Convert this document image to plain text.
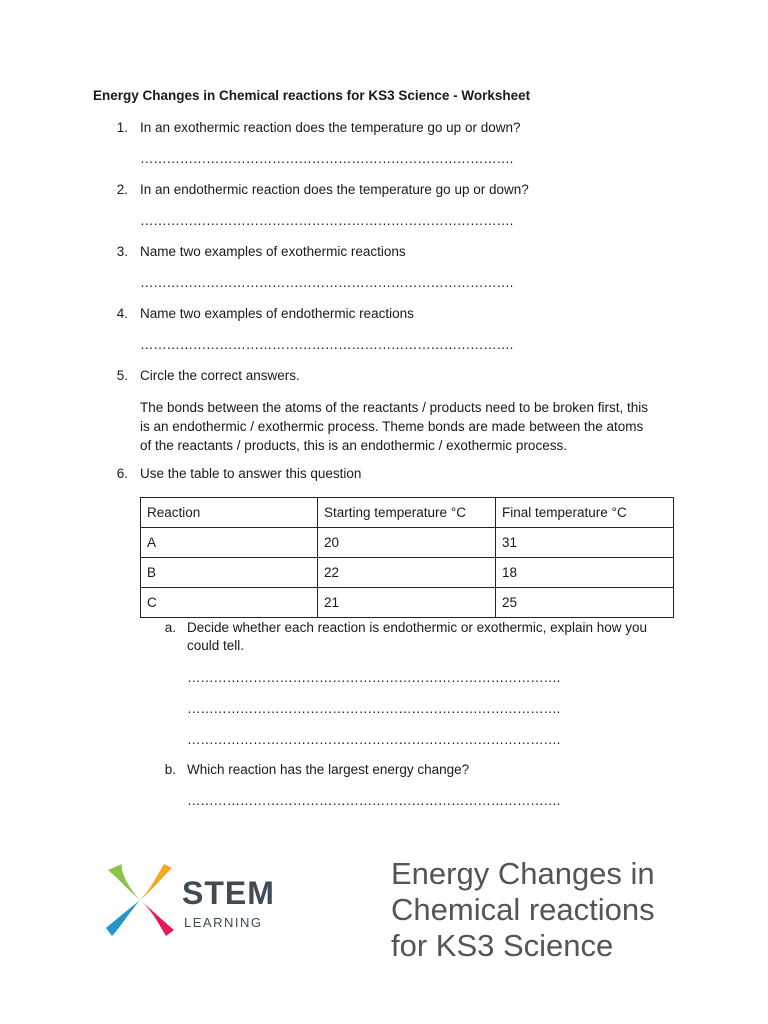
Energy Changes in Chemical reactions for KS3 Science - Worksheet
1. In an exothermic reaction does the temperature go up or down?
………………………………………………………………………….
2. In an endothermic reaction does the temperature go up or down?
………………………………………………………………………….
3. Name two examples of exothermic reactions
………………………………………………………………………….
4. Name two examples of endothermic reactions
………………………………………………………………………….
5. Circle the correct answers.
The bonds between the atoms of the reactants / products need to be broken first, this
is an endothermic / exothermic process. Theme bonds are made between the atoms
of the reactants / products, this is an endothermic / exothermic process.
6. Use the table to answer this question
Reaction	Starting temperature °C	Final temperature °C
A	20	31
B	22	18
C	21	25
a. Decide whether each reaction is endothermic or exothermic, explain how you
could tell.
………………………………………………………………………….
………………………………………………………………………….
………………………………………………………………………….
b. Which reaction has the largest energy change?
………………………………………………………………………….
STEM
LEARNING
Energy Changes in
Chemical reactions
for KS3 Science
